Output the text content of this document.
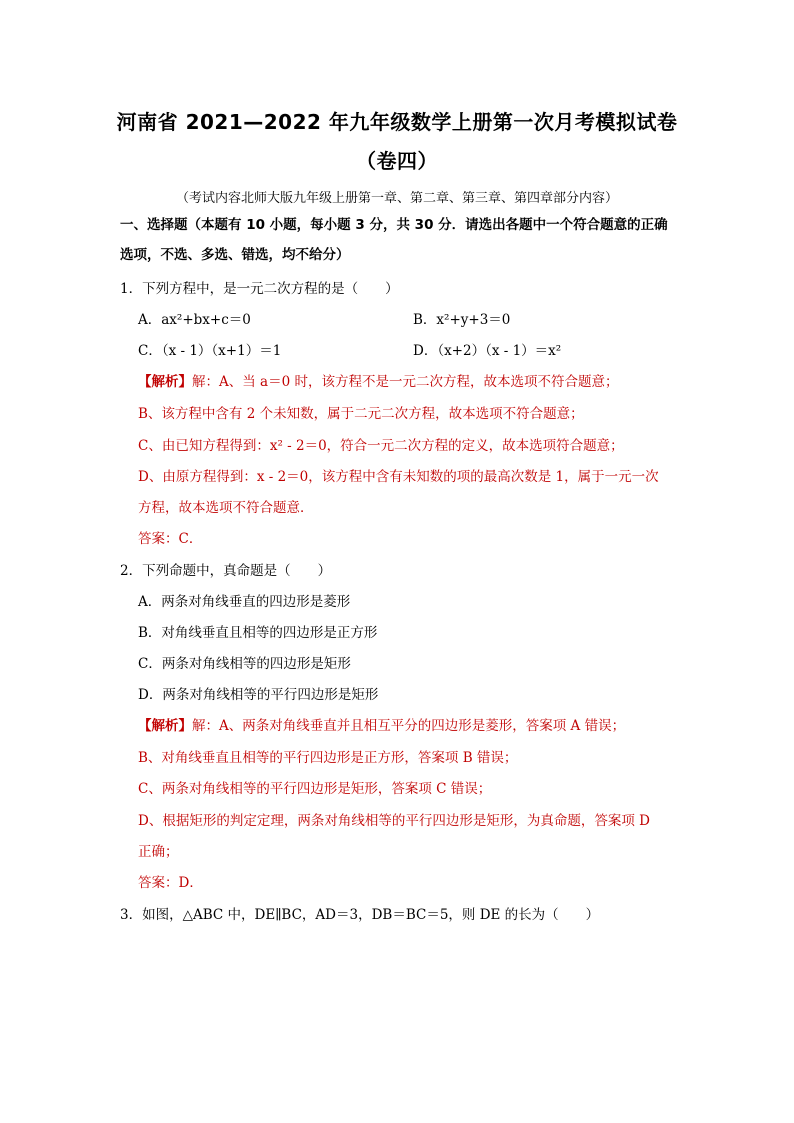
河南省 2021—2022 年九年级数学上册第一次月考模拟试卷
（卷四）
（考试内容北师大版九年级上册第一章、第二章、第三章、第四章部分内容）
一、选择题（本题有 10 小题，每小题 3 分，共 30 分．请选出各题中一个符合题意的正确
选项，不选、多选、错选，均不给分）
1．下列方程中，是一元二次方程的是（　　）
A．ax²+bx+c＝0	B．x²+y+3＝0
C．（x - 1）（x+1）＝1	D．（x+2）（x - 1）＝x²
【解析】解：A、当 a＝0 时，该方程不是一元二次方程，故本选项不符合题意；
B、该方程中含有 2 个未知数，属于二元二次方程，故本选项不符合题意；
C、由已知方程得到：x² - 2＝0，符合一元二次方程的定义，故本选项符合题意；
D、由原方程得到：x - 2＝0，该方程中含有未知数的项的最高次数是 1，属于一元一次
方程，故本选项不符合题意．
答案：C．
2．下列命题中，真命题是（　　）
A．两条对角线垂直的四边形是菱形
B．对角线垂直且相等的四边形是正方形
C．两条对角线相等的四边形是矩形
D．两条对角线相等的平行四边形是矩形
【解析】解：A、两条对角线垂直并且相互平分的四边形是菱形，答案项 A 错误；
B、对角线垂直且相等的平行四边形是正方形，答案项 B 错误；
C、两条对角线相等的平行四边形是矩形，答案项 C 错误；
D、根据矩形的判定定理，两条对角线相等的平行四边形是矩形，为真命题，答案项 D
正确；
答案：D．
3．如图，△ABC 中，DE∥BC，AD＝3，DB＝BC＝5，则 DE 的长为（　　）
